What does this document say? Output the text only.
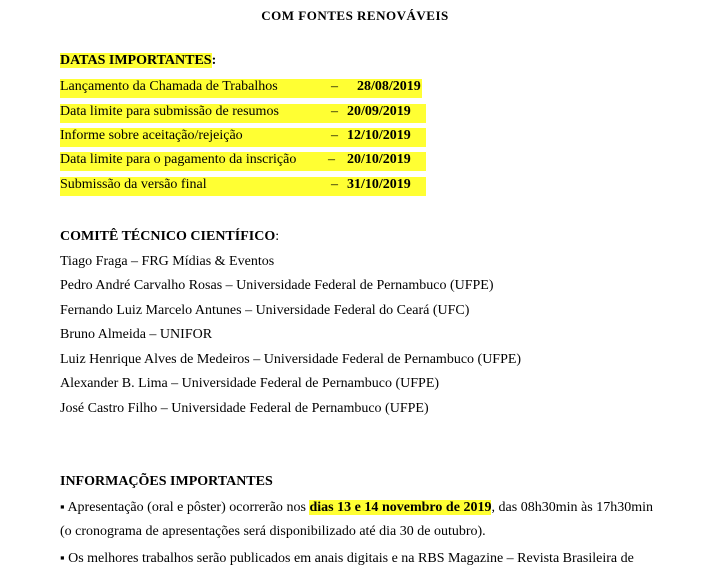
COM FONTES RENOVÁVEIS
DATAS IMPORTANTES:
Lançamento da Chamada de Trabalhos	– 28/08/2019
Data limite para submissão de resumos	– 20/09/2019
Informe sobre aceitação/rejeição	– 12/10/2019
Data limite para o pagamento da inscrição – 20/10/2019
Submissão da versão final	– 31/10/2019
COMITÊ TÉCNICO CIENTÍFICO:
Tiago Fraga – FRG Mídias & Eventos
Pedro André Carvalho Rosas – Universidade Federal de Pernambuco (UFPE)
Fernando Luiz Marcelo Antunes – Universidade Federal do Ceará (UFC)
Bruno Almeida – UNIFOR
Luiz Henrique Alves de Medeiros – Universidade Federal de Pernambuco (UFPE)
Alexander B. Lima – Universidade Federal de Pernambuco (UFPE)
José Castro Filho – Universidade Federal de Pernambuco (UFPE)
INFORMAÇÕES IMPORTANTES
▪ Apresentação (oral e pôster) ocorrerão nos dias 13 e 14 novembro de 2019, das 08h30min às 17h30min (o cronograma de apresentações será disponibilizado até dia 30 de outubro).
▪ Os melhores trabalhos serão publicados em anais digitais e na RBS Magazine – Revista Brasileira de
